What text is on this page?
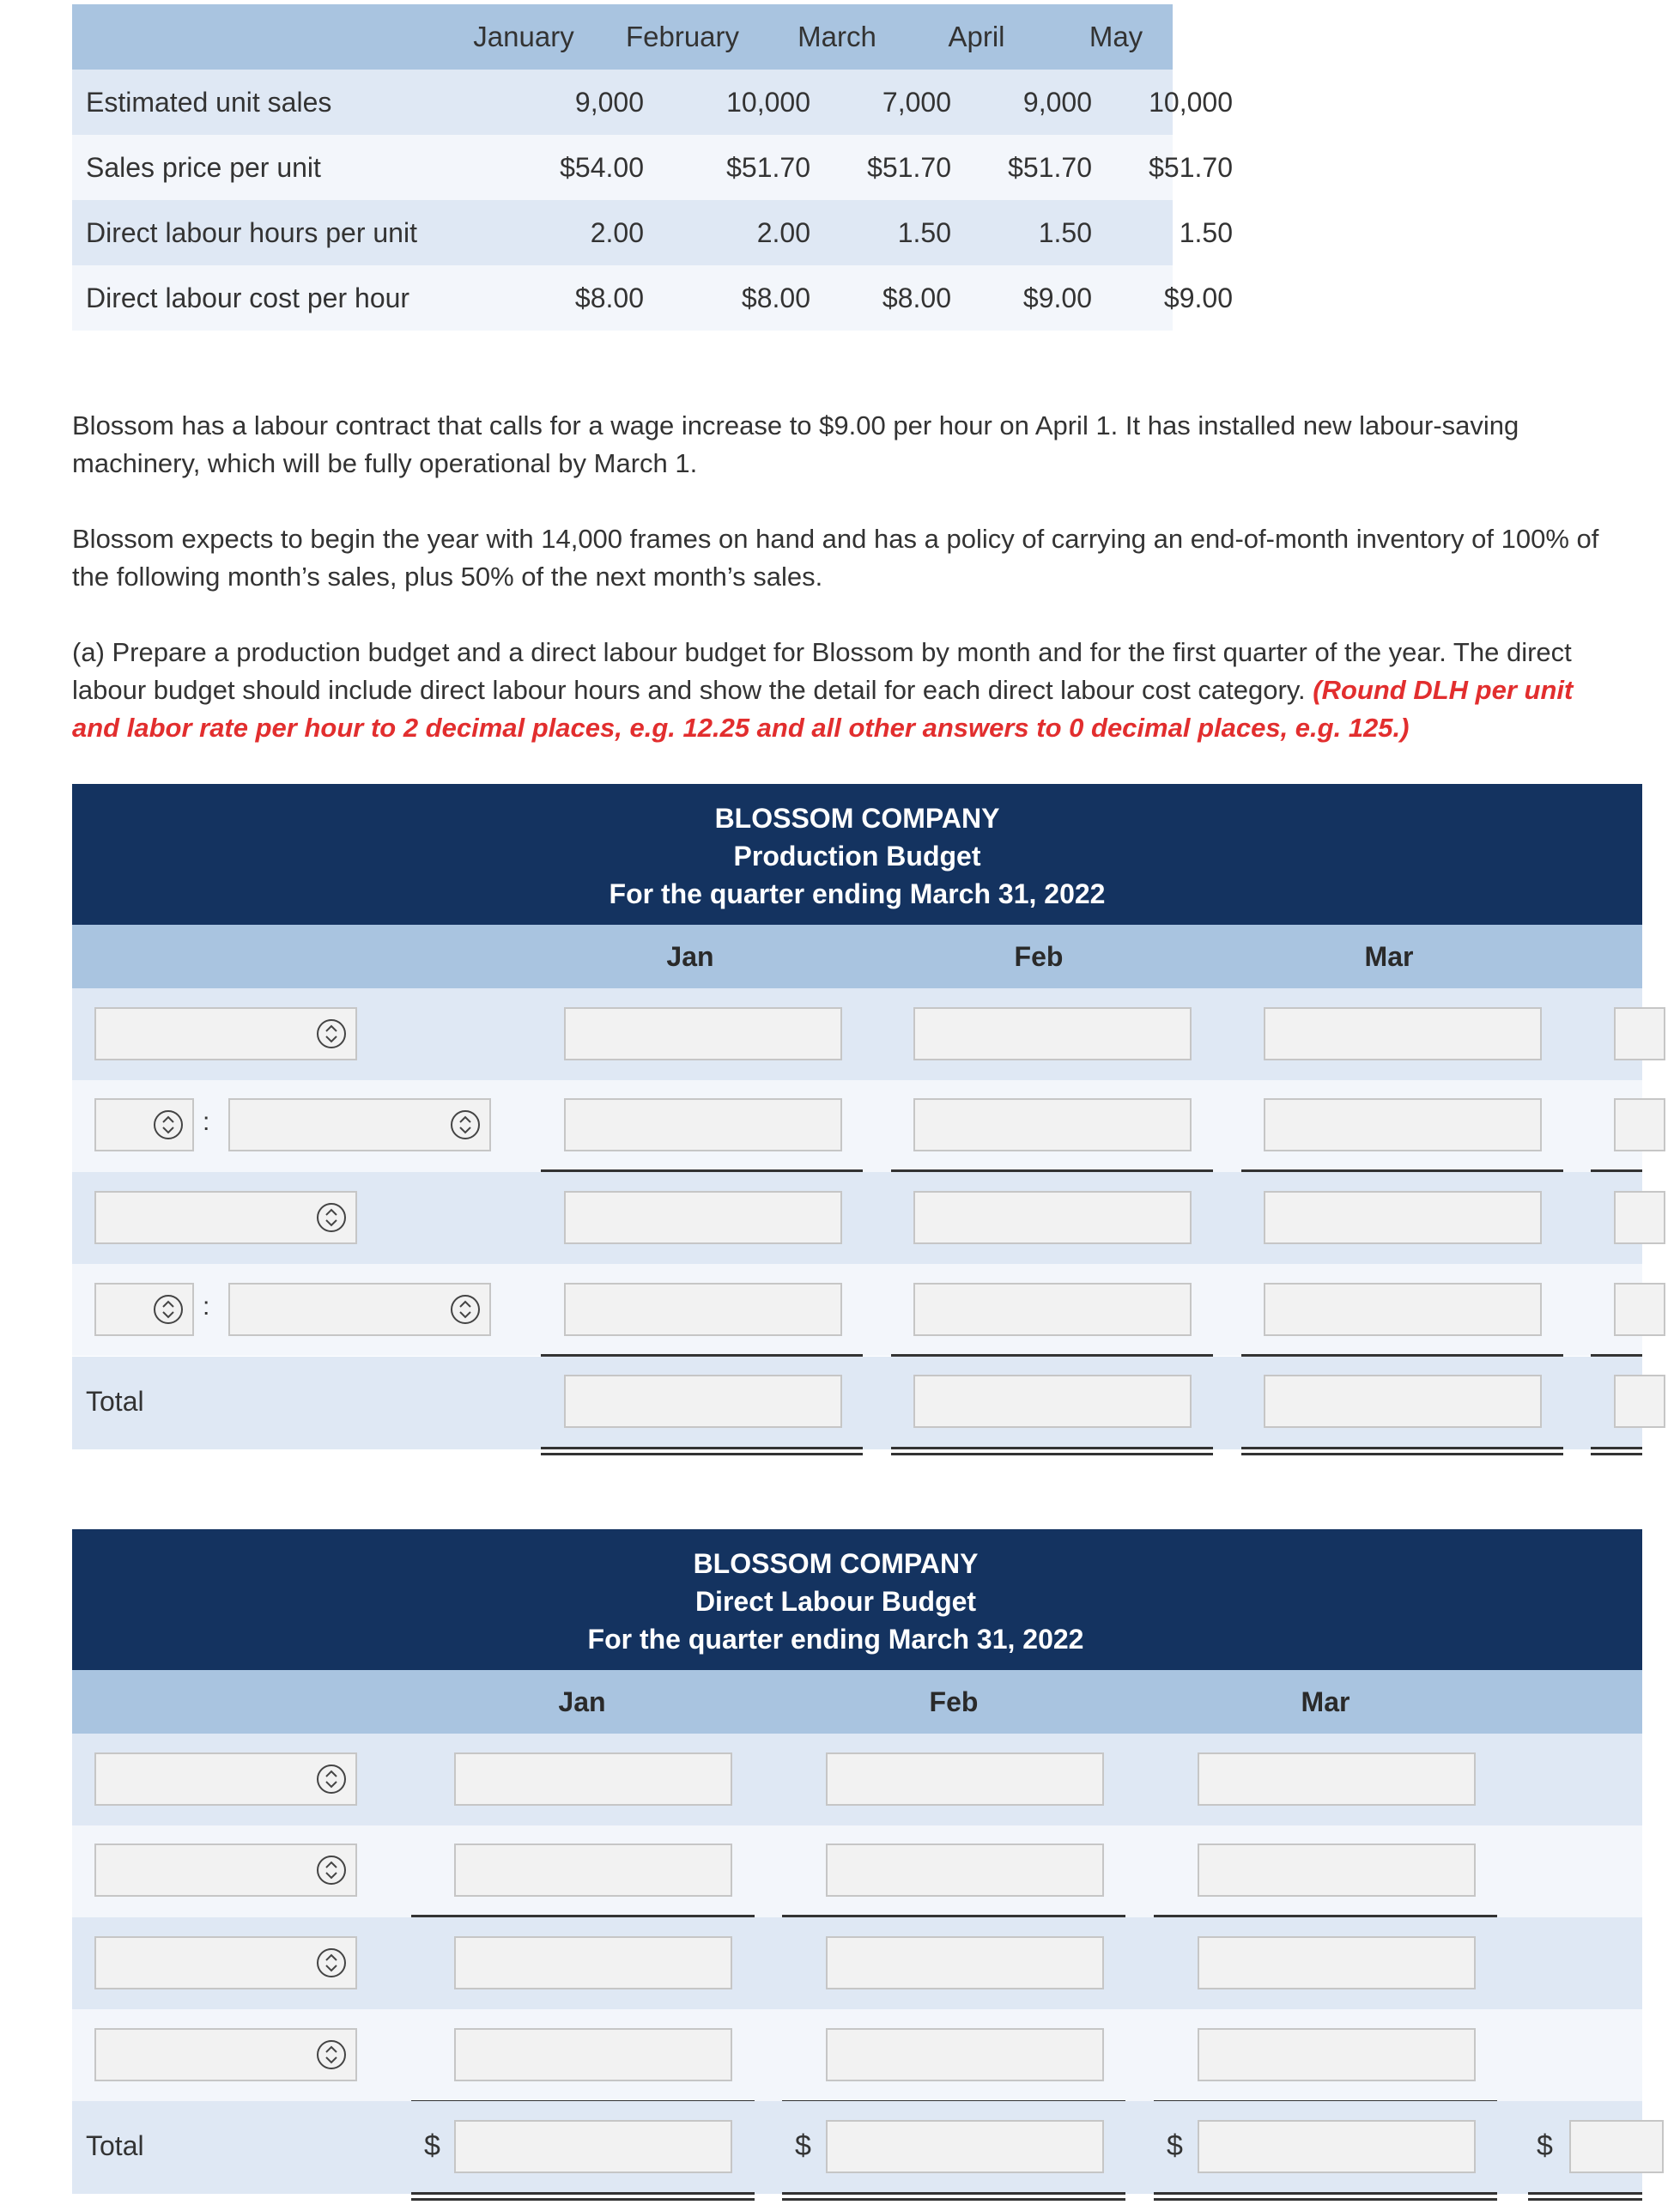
January	February	March	April	May
Estimated unit sales	9,000	10,000	7,000	9,000	10,000
Sales price per unit	$54.00	$51.70	$51.70	$51.70	$51.70
Direct labour hours per unit	2.00	2.00	1.50	1.50	1.50
Direct labour cost per hour	$8.00	$8.00	$8.00	$9.00	$9.00
Blossom has a labour contract that calls for a wage increase to $9.00 per hour on April 1. It has installed new labour-saving
machinery, which will be fully operational by March 1.
Blossom expects to begin the year with 14,000 frames on hand and has a policy of carrying an end-of-month inventory of 100% of
the following month’s sales, plus 50% of the next month’s sales.
(a) Prepare a production budget and a direct labour budget for Blossom by month and for the first quarter of the year. The direct
labour budget should include direct labour hours and show the detail for each direct labour cost category. (Round DLH per unit
and labor rate per hour to 2 decimal places, e.g. 12.25 and all other answers to 0 decimal places, e.g. 125.)
BLOSSOM COMPANY
Production Budget
For the quarter ending March 31, 2022
Jan	Feb	Mar
:
:
Total
BLOSSOM COMPANY
Direct Labour Budget
For the quarter ending March 31, 2022
Jan	Feb	Mar
Total	$	$	$	$
